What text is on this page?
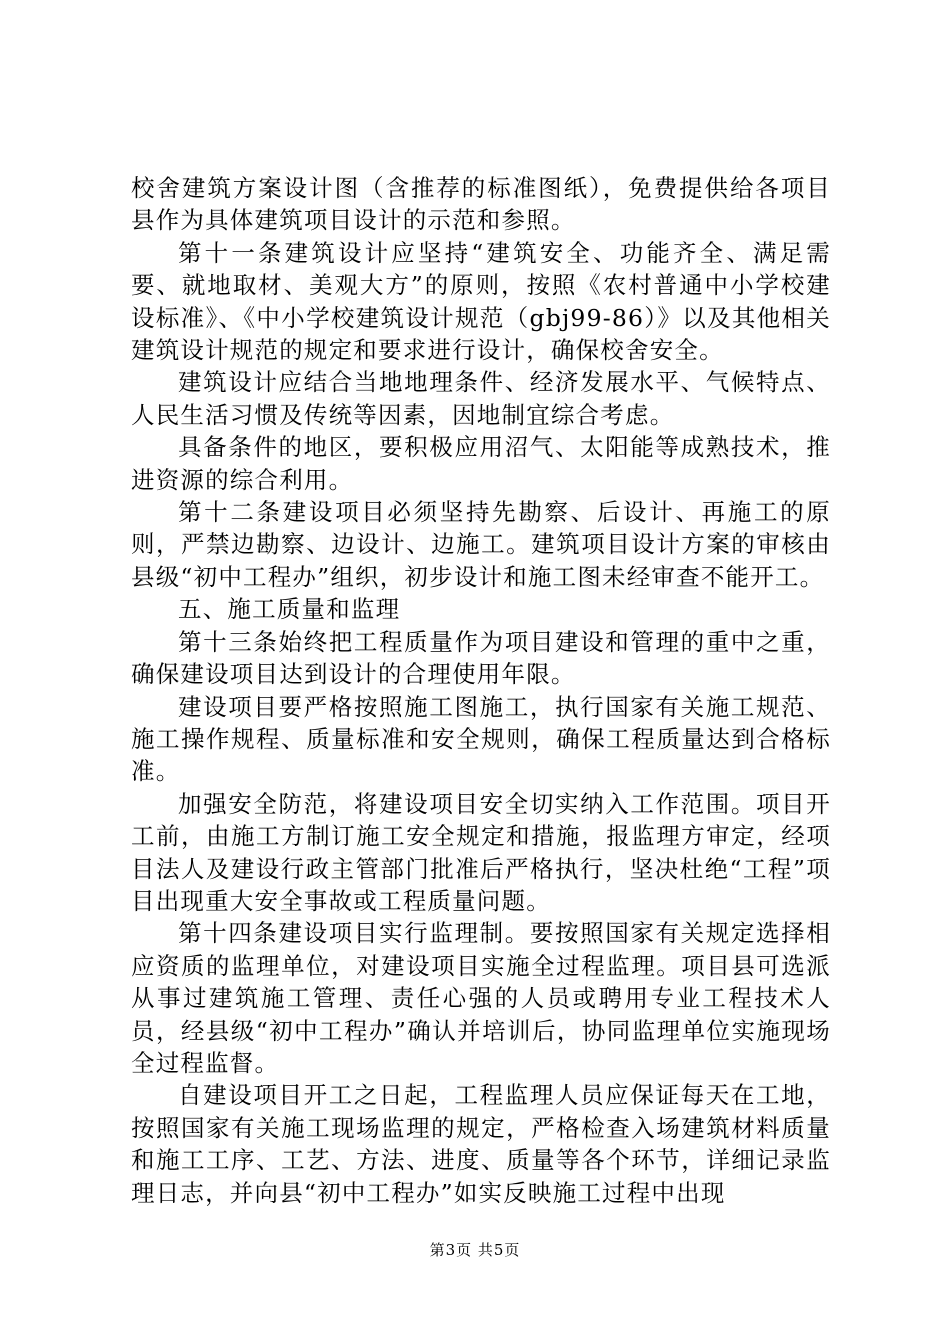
校舍建筑方案设计图（含推荐的标准图纸），免费提供给各项目县作为具体建筑项目设计的示范和参照。

第十一条建筑设计应坚持“建筑安全、功能齐全、满足需要、就地取材、美观大方”的原则，按照《农村普通中小学校建设标准》、《中小学校建筑设计规范（gbj99-86）》以及其他相关建筑设计规范的规定和要求进行设计，确保校舍安全。

建筑设计应结合当地地理条件、经济发展水平、气候特点、人民生活习惯及传统等因素，因地制宜综合考虑。

具备条件的地区，要积极应用沼气、太阳能等成熟技术，推进资源的综合利用。

第十二条建设项目必须坚持先勘察、后设计、再施工的原则，严禁边勘察、边设计、边施工。建筑项目设计方案的审核由县级“初中工程办”组织，初步设计和施工图未经审查不能开工。

五、施工质量和监理

第十三条始终把工程质量作为项目建设和管理的重中之重，确保建设项目达到设计的合理使用年限。

建设项目要严格按照施工图施工，执行国家有关施工规范、施工操作规程、质量标准和安全规则，确保工程质量达到合格标准。

加强安全防范，将建设项目安全切实纳入工作范围。项目开工前，由施工方制订施工安全规定和措施，报监理方审定，经项目法人及建设行政主管部门批准后严格执行，坚决杜绝“工程”项目出现重大安全事故或工程质量问题。

第十四条建设项目实行监理制。要按照国家有关规定选择相应资质的监理单位，对建设项目实施全过程监理。项目县可选派从事过建筑施工管理、责任心强的人员或聘用专业工程技术人员，经县级“初中工程办”确认并培训后，协同监理单位实施现场全过程监督。

自建设项目开工之日起，工程监理人员应保证每天在工地，按照国家有关施工现场监理的规定，严格检查入场建筑材料质量和施工工序、工艺、方法、进度、质量等各个环节，详细记录监理日志，并向县“初中工程办”如实反映施工过程中出现

第3页 共5页
